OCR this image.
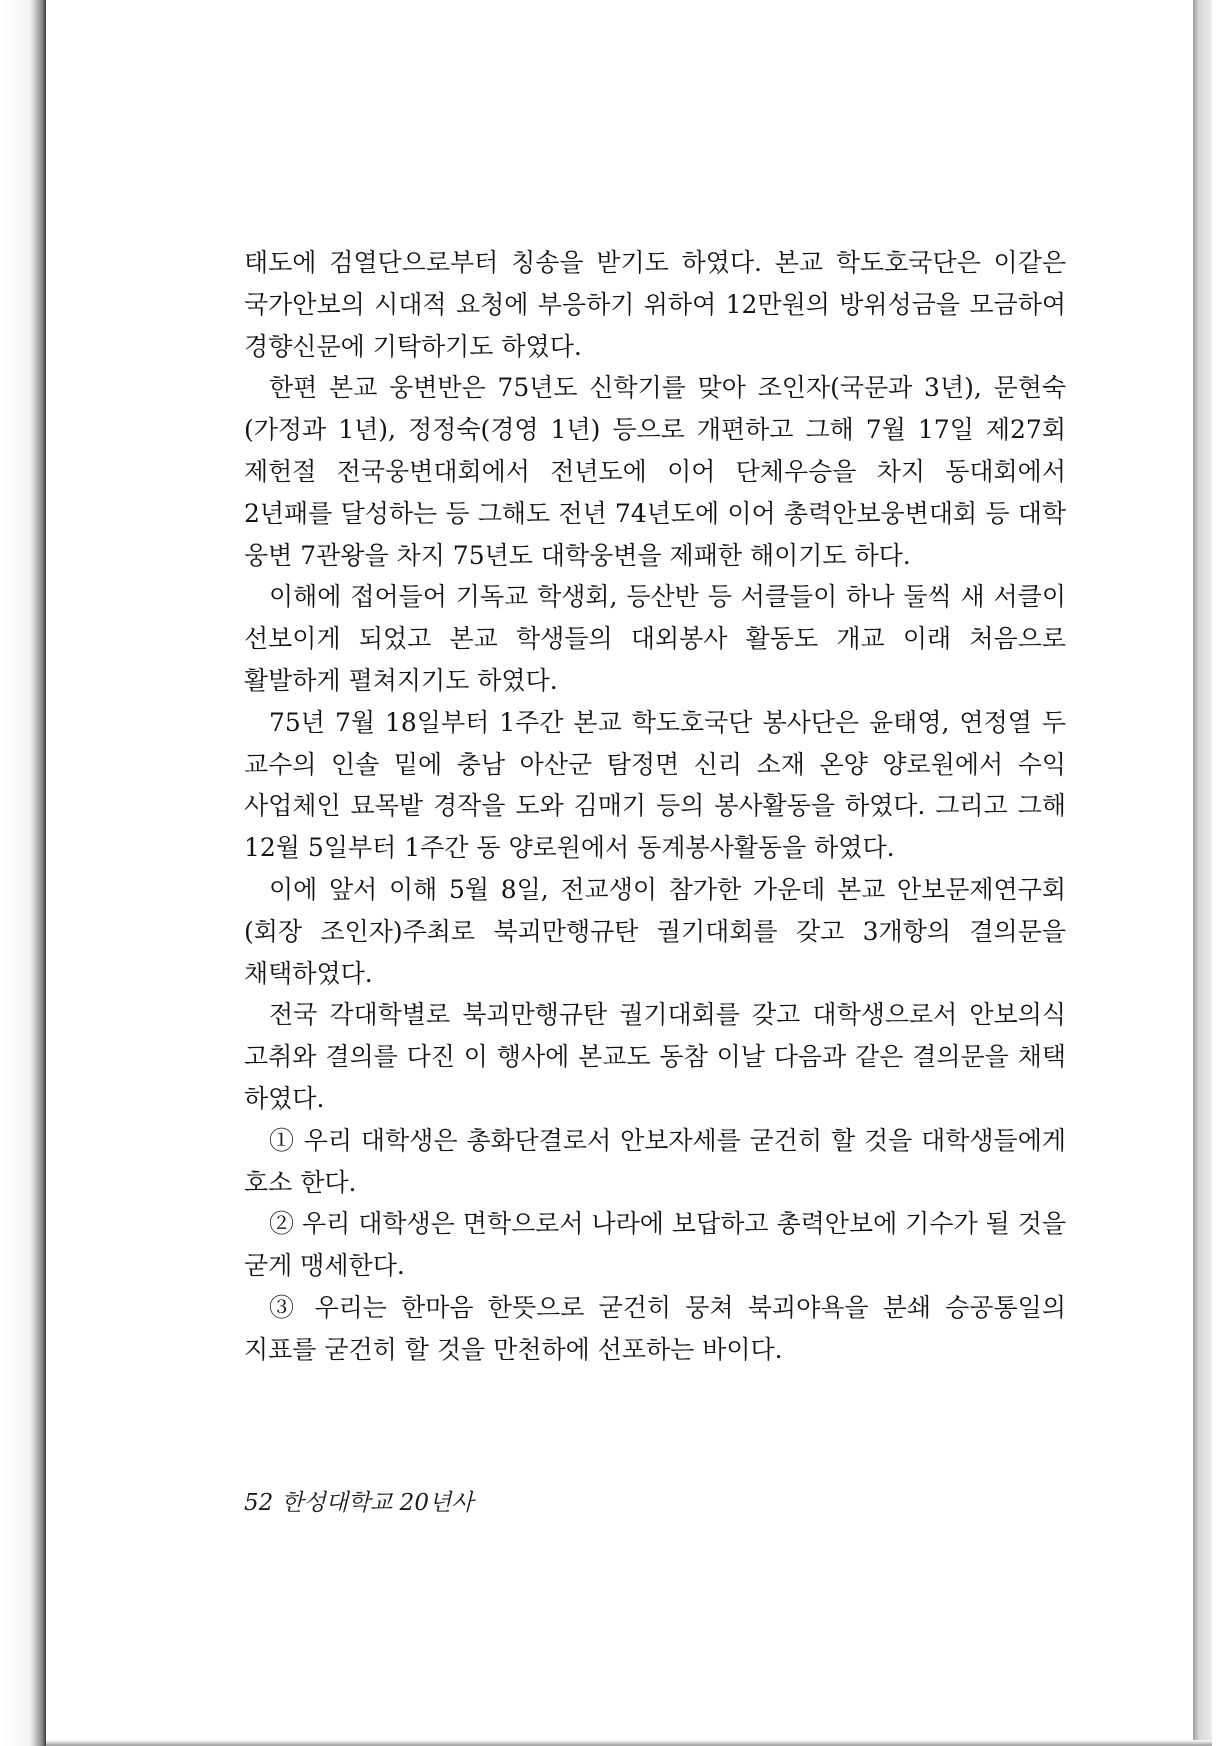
태도에 검열단으로부터 칭송을 받기도 하였다. 본교 학도호국단은 이같은 국가안보의 시대적 요청에 부응하기 위하여 12만원의 방위성금을 모금하여 경향신문에 기탁하기도 하였다.

한편 본교 웅변반은 75년도 신학기를 맞아 조인자(국문과 3년), 문현숙(가정과 1년), 정정숙(경영 1년) 등으로 개편하고 그해 7월 17일 제27회 제헌절 전국웅변대회에서 전년도에 이어 단체우승을 차지 동대회에서 2년패를 달성하는 등 그해도 전년 74년도에 이어 총력안보웅변대회 등 대학 웅변 7관왕을 차지 75년도 대학웅변을 제패한 해이기도 하다.

이해에 접어들어 기독교 학생회, 등산반 등 서클들이 하나 둘씩 새 서클이 선보이게 되었고 본교 학생들의 대외봉사 활동도 개교 이래 처음으로 활발하게 펼쳐지기도 하였다.

75년 7월 18일부터 1주간 본교 학도호국단 봉사단은 윤태영, 연정열 두 교수의 인솔 밑에 충남 아산군 탐정면 신리 소재 온양 양로원에서 수익 사업체인 묘목밭 경작을 도와 김매기 등의 봉사활동을 하였다. 그리고 그해 12월 5일부터 1주간 동 양로원에서 동계봉사활동을 하였다.

이에 앞서 이해 5월 8일, 전교생이 참가한 가운데 본교 안보문제연구회(회장 조인자)주최로 북괴만행규탄 궐기대회를 갖고 3개항의 결의문을 채택하였다.

전국 각대학별로 북괴만행규탄 궐기대회를 갖고 대학생으로서 안보의식 고취와 결의를 다진 이 행사에 본교도 동참 이날 다음과 같은 결의문을 채택 하였다.

① 우리 대학생은 총화단결로서 안보자세를 굳건히 할 것을 대학생들에게 호소 한다.

② 우리 대학생은 면학으로서 나라에 보답하고 총력안보에 기수가 될 것을 굳게 맹세한다.

③ 우리는 한마음 한뜻으로 굳건히 뭉쳐 북괴야욕을 분쇄 승공통일의 지표를 굳건히 할 것을 만천하에 선포하는 바이다.

52 한성대학교 20년사
